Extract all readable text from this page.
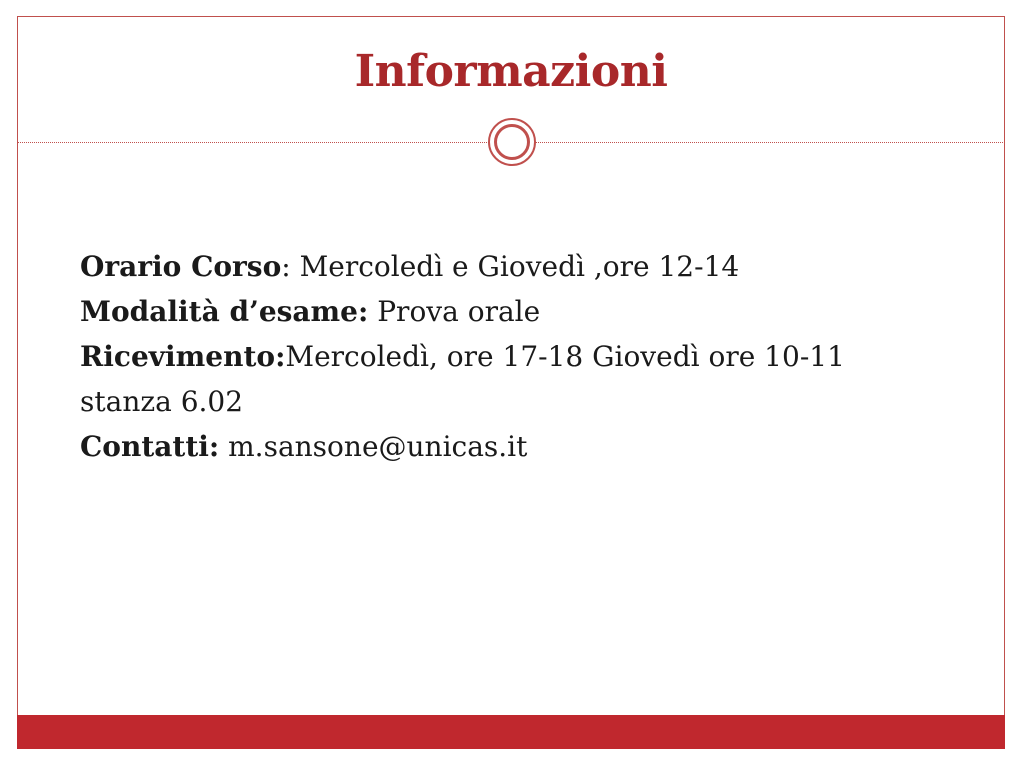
Informazioni

Orario Corso: Mercoledì e Giovedì ,ore 12-14

Modalità d’esame: Prova orale

Ricevimento:Mercoledì, ore 17-18 Giovedì ore 10-11 stanza 6.02

Contatti: m.sansone@unicas.it
